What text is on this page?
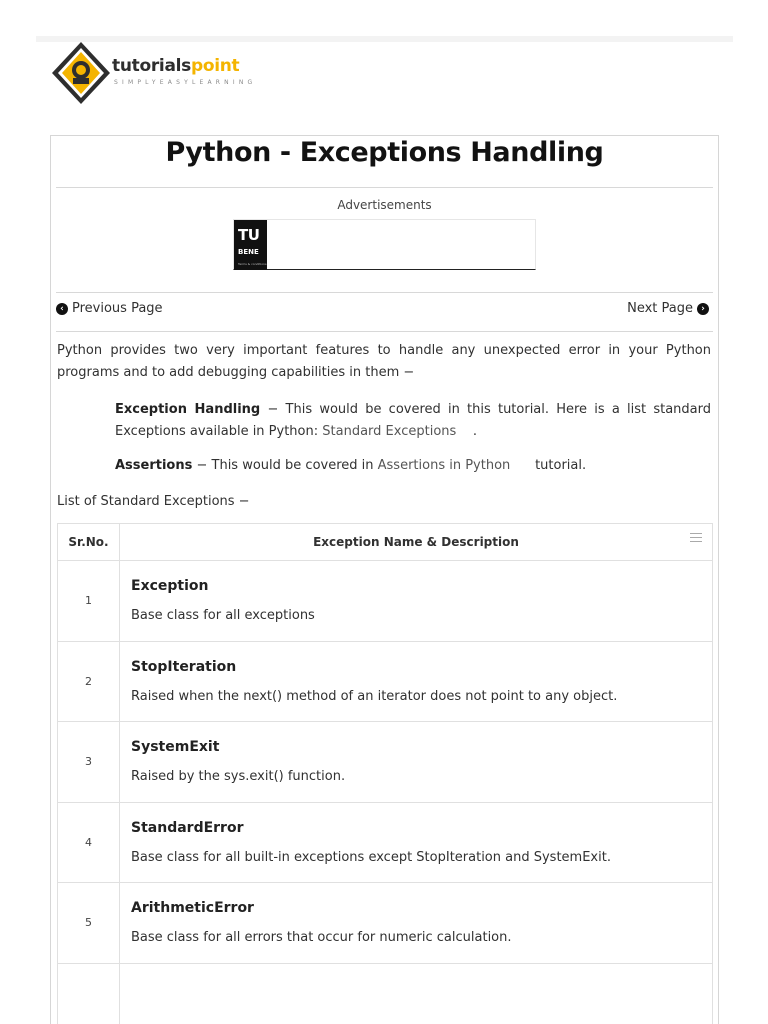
tutorialspoint
SIMPLYEASYLEARNING
Python - Exceptions Handling
Advertisements
TU
BENE
Terms & conditions
‹ Previous Page	Next Page ›

Python provides two very important features to handle any unexpected error in your Python programs and to add debugging capabilities in them −

Exception Handling − This would be covered in this tutorial. Here is a list standard Exceptions available in Python: Standard Exceptions .

Assertions − This would be covered in Assertions in Python tutorial.

List of Standard Exceptions −

Sr.No.	Exception Name & Description

1	Exception
Base class for all exceptions

2	StopIteration
Raised when the next() method of an iterator does not point to any object.

3	SystemExit
Raised by the sys.exit() function.

4	StandardError
Base class for all built-in exceptions except StopIteration and SystemExit.

5	ArithmeticError
Base class for all errors that occur for numeric calculation.
